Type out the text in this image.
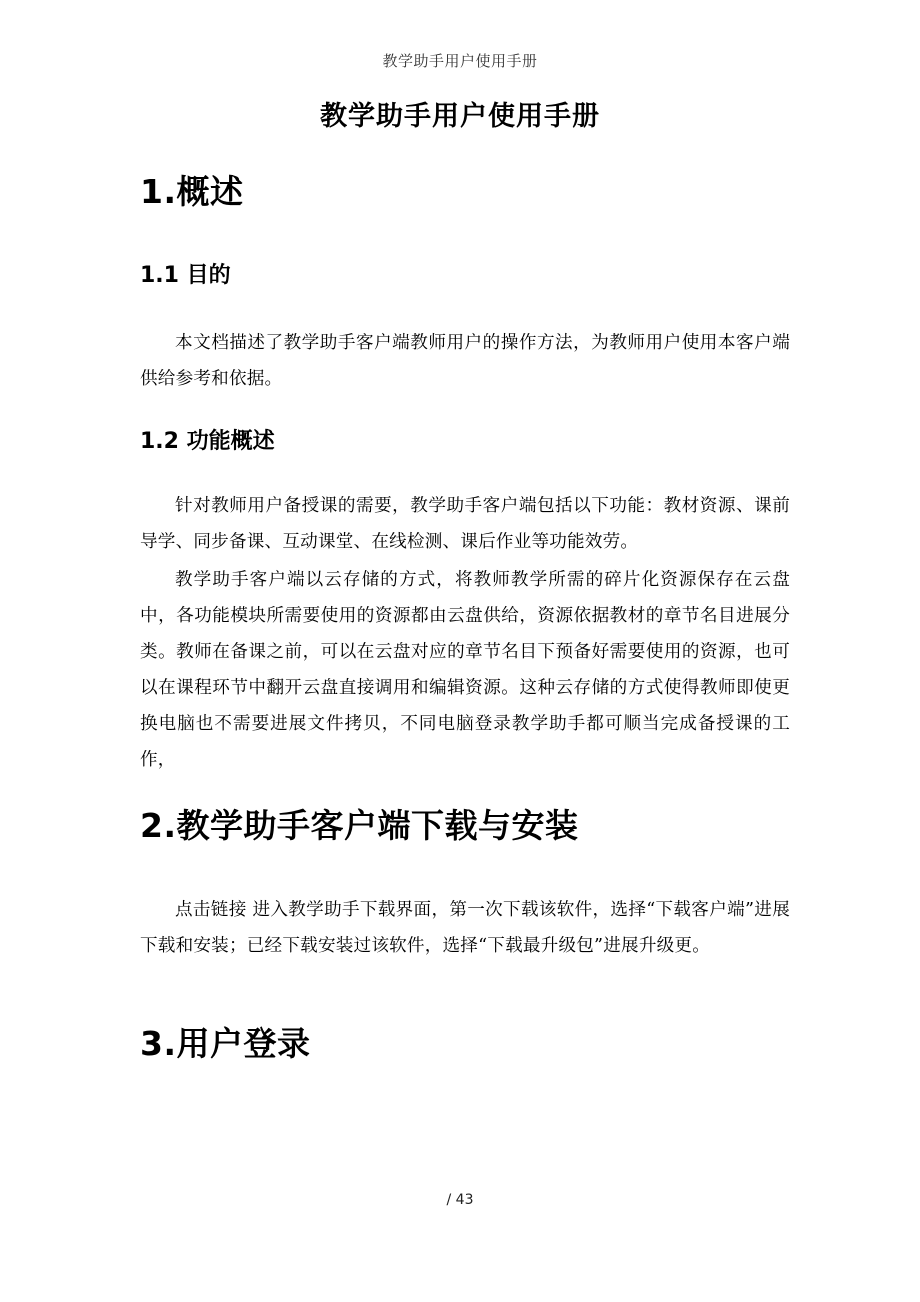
教学助手用户使用手册
教学助手用户使用手册
1.概述
1.1 目的

本文档描述了教学助手客户端教师用户的操作方法，为教师用户使用本客户端供给参考和依据。

1.2 功能概述

针对教师用户备授课的需要，教学助手客户端包括以下功能：教材资源、课前导学、同步备课、互动课堂、在线检测、课后作业等功能效劳。

教学助手客户端以云存储的方式，将教师教学所需的碎片化资源保存在云盘中，各功能模块所需要使用的资源都由云盘供给，资源依据教材的章节名目进展分类。教师在备课之前，可以在云盘对应的章节名目下预备好需要使用的资源，也可以在课程环节中翻开云盘直接调用和编辑资源。这种云存储的方式使得教师即使更换电脑也不需要进展文件拷贝，不同电脑登录教学助手都可顺当完成备授课的工作，

2.教学助手客户端下载与安装

点击链接 进入教学助手下载界面，第一次下载该软件，选择“下载客户端”进展下载和安装；已经下载安装过该软件，选择“下载最升级包”进展升级更。

3.用户登录
/ 43
